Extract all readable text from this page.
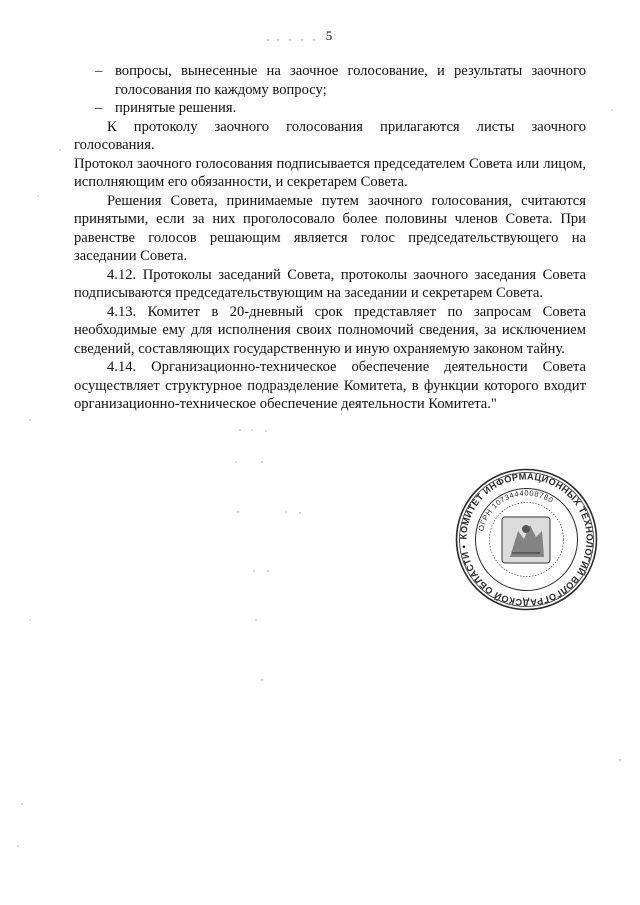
5
– вопросы, вынесенные на заочное голосование, и результаты заочного голосования по каждому вопросу;
– принятые решения.

К протоколу заочного голосования прилагаются листы заочного голосования.

Протокол заочного голосования подписывается председателем Совета или лицом, исполняющим его обязанности, и секретарем Совета.

Решения Совета, принимаемые путем заочного голосования, считаются принятыми, если за них проголосовало более половины членов Совета. При равенстве голосов решающим является голос председательствующего на заседании Совета.

4.12. Протоколы заседаний Совета, протоколы заочного заседания Совета подписываются председательствующим на заседании и секретарем Совета.

4.13. Комитет в 20-дневный срок представляет по запросам Совета необходимые ему для исполнения своих полномочий сведения, за исключением сведений, составляющих государственную и иную охраняемую законом тайну.

4.14. Организационно-техническое обеспечение деятельности Совета осуществляет структурное подразделение Комитета, в функции которого входит организационно-техническое обеспечение деятельности Комитета."

КОМИТЕТ ИНФОРМАЦИОННЫХ ТЕХНОЛОГИЙ ВОЛГОГРАДСКОЙ ОБЛАСТИ •
ОГРН 1073444008780
